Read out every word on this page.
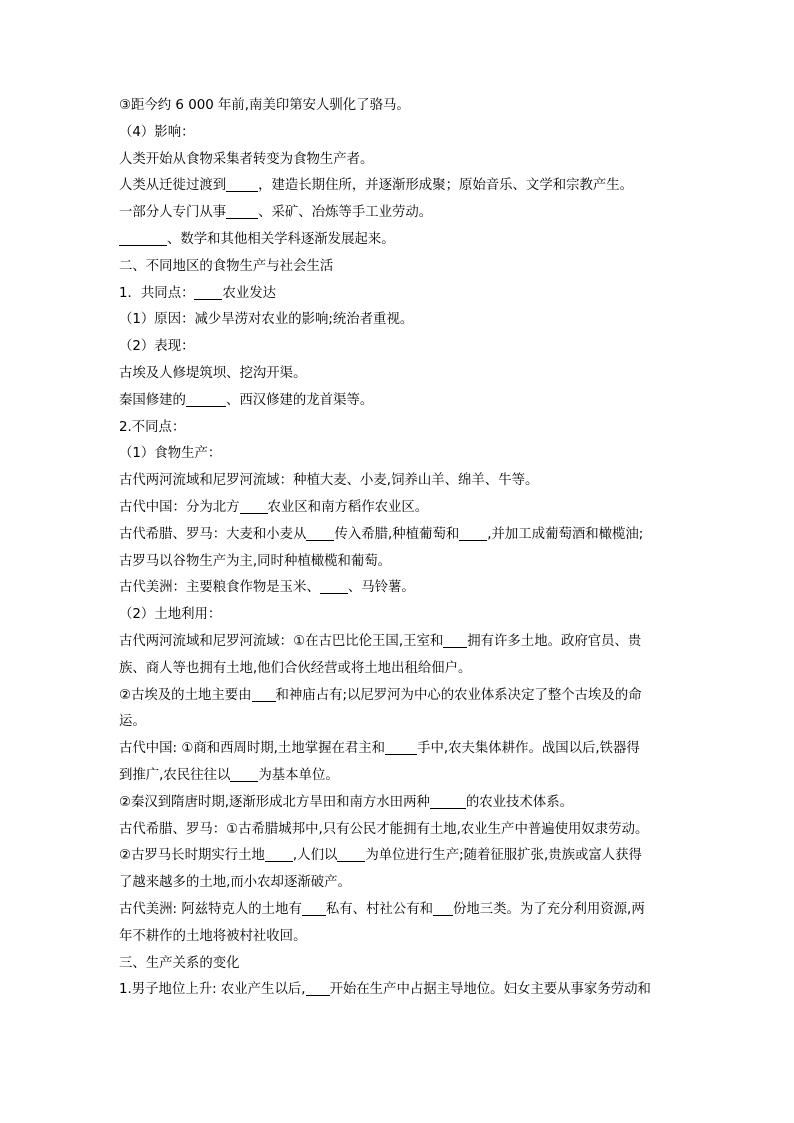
③距今约 6 000 年前,南美印第安人驯化了骆马。
（4）影响：
人类开始从食物采集者转变为食物生产者。
人类从迁徙过渡到 ，建造长期住所，并逐渐形成聚；原始音乐、文学和宗教产生。
一部分人专门从事 、采矿、冶炼等手工业劳动。
、数学和其他相关学科逐渐发展起来。
二、不同地区的食物生产与社会生活
1．共同点： 农业发达
（1）原因：减少旱涝对农业的影响;统治者重视。
（2）表现：
古埃及人修堤筑坝、挖沟开渠。
秦国修建的	、西汉修建的龙首渠等。
2.不同点：
（1）食物生产：
古代两河流域和尼罗河流域：种植大麦、小麦,饲养山羊、绵羊、牛等。
古代中国：分为北方 农业区和南方稻作农业区。
古代希腊、罗马：大麦和小麦从 传入希腊,种植葡萄和 ,并加工成葡萄酒和橄榄油;
古罗马以谷物生产为主,同时种植橄榄和葡萄。
古代美洲：主要粮食作物是玉米、 、马铃薯。
（2）土地利用：
古代两河流域和尼罗河流域：①在古巴比伦王国,王室和 拥有许多土地。政府官员、贵
族、商人等也拥有土地,他们合伙经营或将土地出租给佃户。
②古埃及的土地主要由 和神庙占有;以尼罗河为中心的农业体系决定了整个古埃及的命
运。
古代中国: ①商和西周时期,土地掌握在君主和 手中,农夫集体耕作。战国以后,铁器得
到推广,农民往往以 为基本单位。
②秦汉到隋唐时期,逐渐形成北方旱田和南方水田两种	的农业技术体系。
古代希腊、罗马：①古希腊城邦中,只有公民才能拥有土地,农业生产中普遍使用奴隶劳动。
②古罗马长时期实行土地 ,人们以 为单位进行生产;随着征服扩张,贵族或富人获得
了越来越多的土地,而小农却逐渐破产。
古代美洲: 阿兹特克人的土地有 私有、村社公有和 份地三类。为了充分利用资源,两
年不耕作的土地将被村社收回。
三、生产关系的变化
1.男子地位上升: 农业产生以后, 开始在生产中占据主导地位。妇女主要从事家务劳动和
